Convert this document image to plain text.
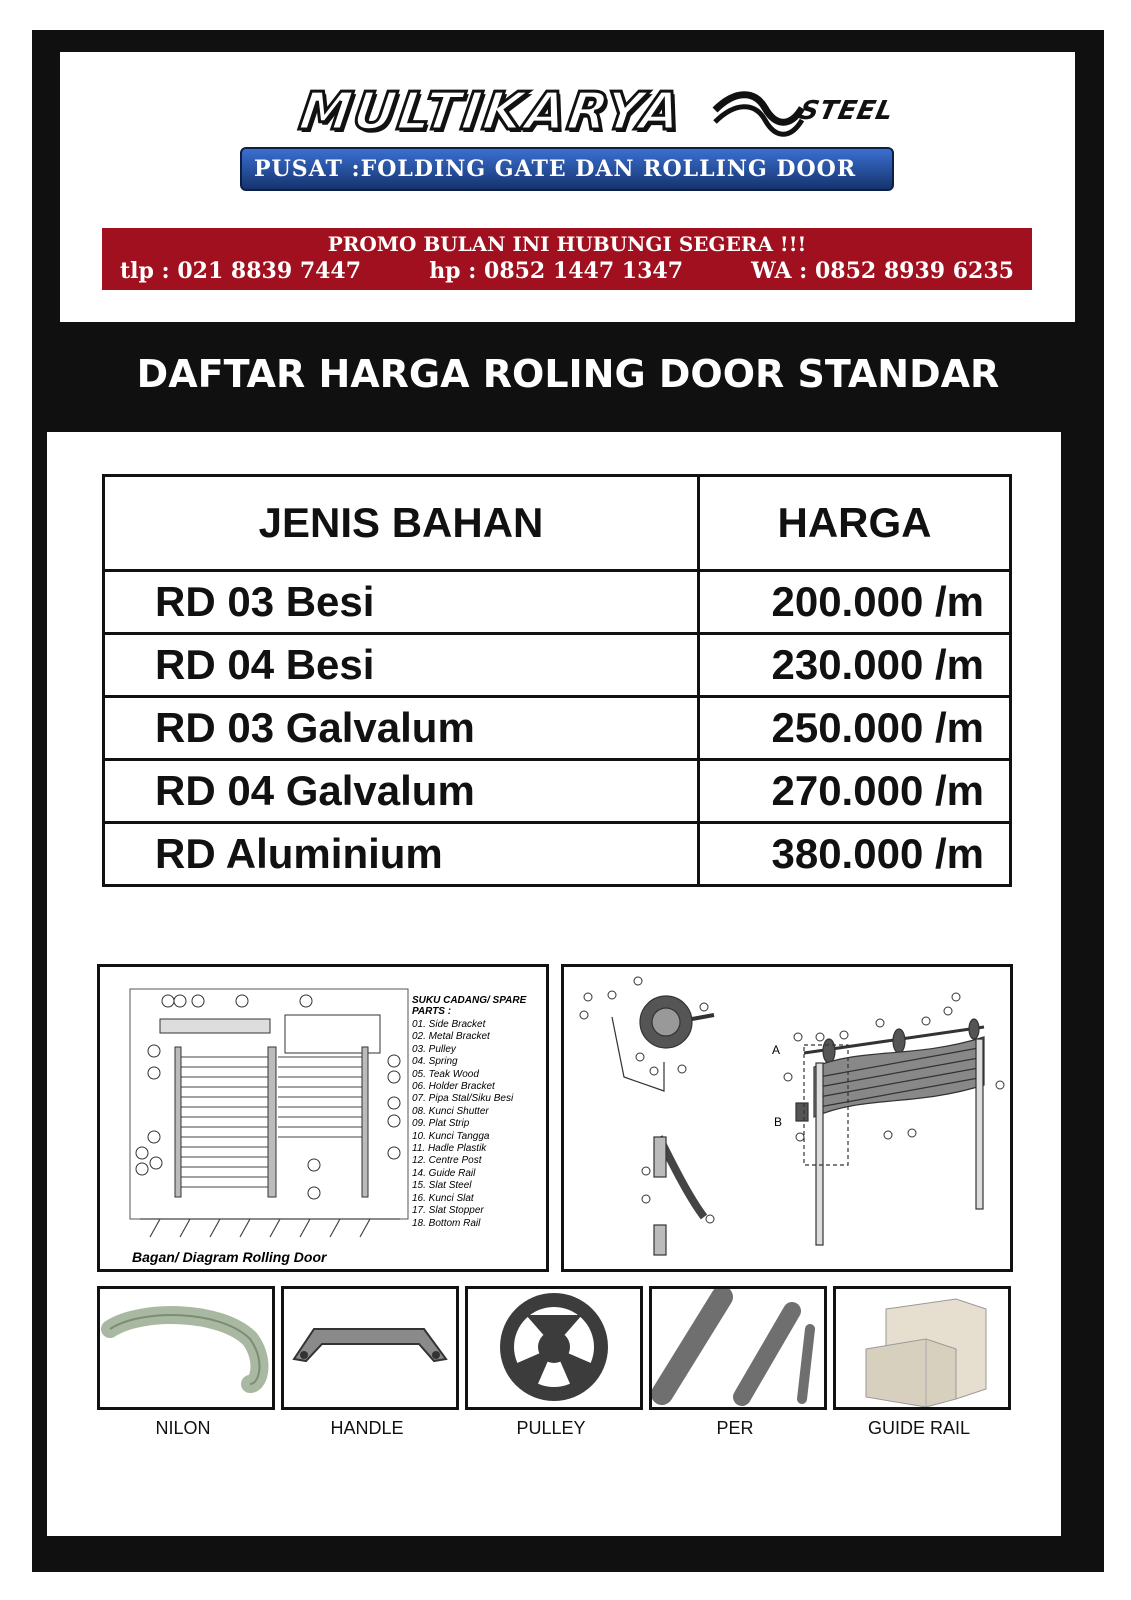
MULTIKARYA	STEEL
PUSAT :FOLDING GATE DAN ROLLING DOOR
PROMO BULAN INI HUBUNGI SEGERA !!!
tlp : 021 8839 7447	hp : 0852 1447 1347	WA : 0852 8939 6235
DAFTAR HARGA ROLING DOOR STANDAR
JENIS BAHAN	HARGA
RD 03 Besi	200.000 /m
RD 04 Besi	230.000 /m
RD 03 Galvalum	250.000 /m
RD 04 Galvalum	270.000 /m
RD Aluminium	380.000 /m
SUKU CADANG/ SPARE PARTS :
01. Side Bracket
02. Metal Bracket
03. Pulley
04. Spring
05. Teak Wood
06. Holder Bracket
07. Pipa Stal/Siku Besi
08. Kunci Shutter
09. Plat Strip
10. Kunci Tangga
11. Hadle Plastik
12. Centre Post
14. Guide Rail
15. Slat Steel
16. Kunci Slat
17. Slat Stopper
18. Bottom Rail
Bagan/ Diagram Rolling Door
A
B
NILON	HANDLE	PULLEY	PER	GUIDE RAIL
